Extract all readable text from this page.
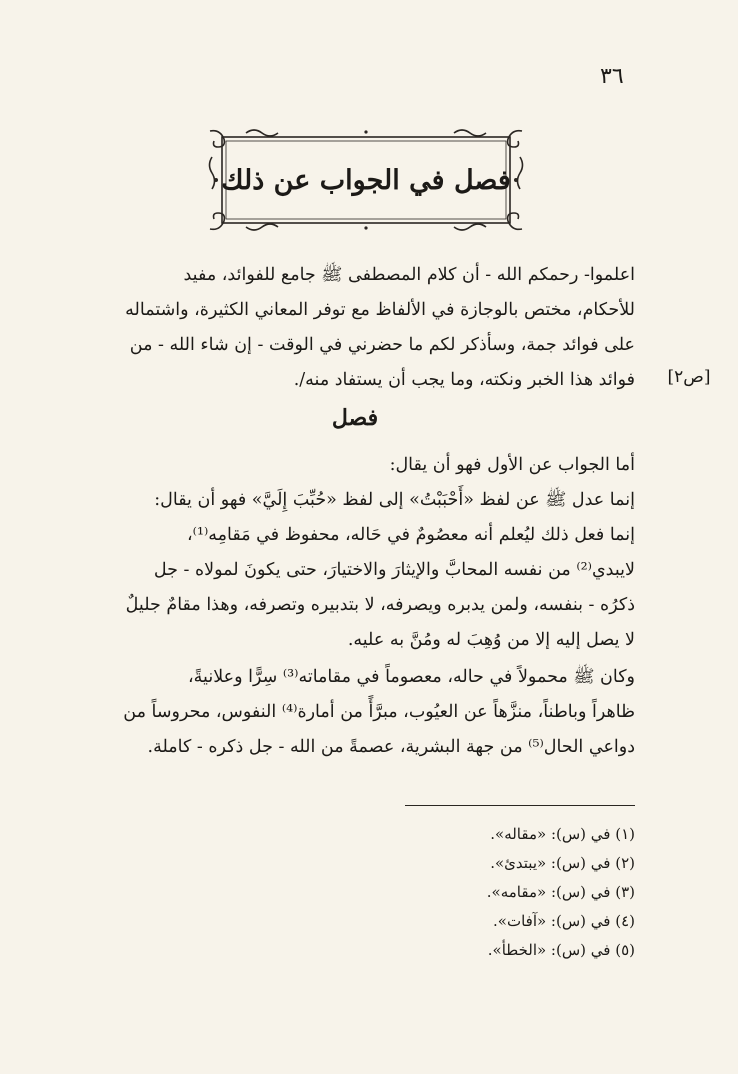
٣٦
فصل في الجواب عن ذلك
اعلموا- رحمكم الله - أن كلام المصطفى ﷺ جامع للفوائد، مفيد
للأحكام، مختص بالوجازة في الألفاظ مع توفر المعاني الكثيرة، واشتماله
على فوائد جمة، وسأذكر لكم ما حضرني في الوقت - إن شاء الله - من
فوائد هذا الخبر ونكته، وما يجب أن يستفاد منه/. [ص٢]
فصل
أما الجواب عن الأول فهو أن يقال:
إنما عدل ﷺ عن لفظ «أَحْبَبْتُ» إلى لفظ «حُبِّبَ إِلَيَّ» فهو أن يقال:
إنما فعل ذلك ليُعلم أنه معصُومٌ في حَاله، محفوظ في مَقامِه⁽¹⁾،
لايبدي⁽²⁾ من نفسه المحابَّ والإيثارَ والاختيارَ، حتى يكونَ لمولاه - جل
ذكرُه - بنفسه، ولمن يدبره ويصرفه، لا بتدبيره وتصرفه، وهذا مقامٌ جليلٌ
لا يصل إليه إلا من وُهِبَ له ومُنَّ به عليه.
وكان ﷺ محمولاً في حاله، معصوماً في مقاماته⁽³⁾ سِرًّا وعلانيةً،
ظاهراً وباطناً، منزَّهاً عن العيُوب، مبرَّأً من أمارة⁽⁴⁾ النفوس، محروساً من
دواعي الحال⁽⁵⁾ من جهة البشرية، عصمةً من الله - جل ذكره - كاملة.
(١) في (س): «مقاله».
(٢) في (س): «يبتدئ».
(٣) في (س): «مقامه».
(٤) في (س): «آفات».
(٥) في (س): «الخطأ».
